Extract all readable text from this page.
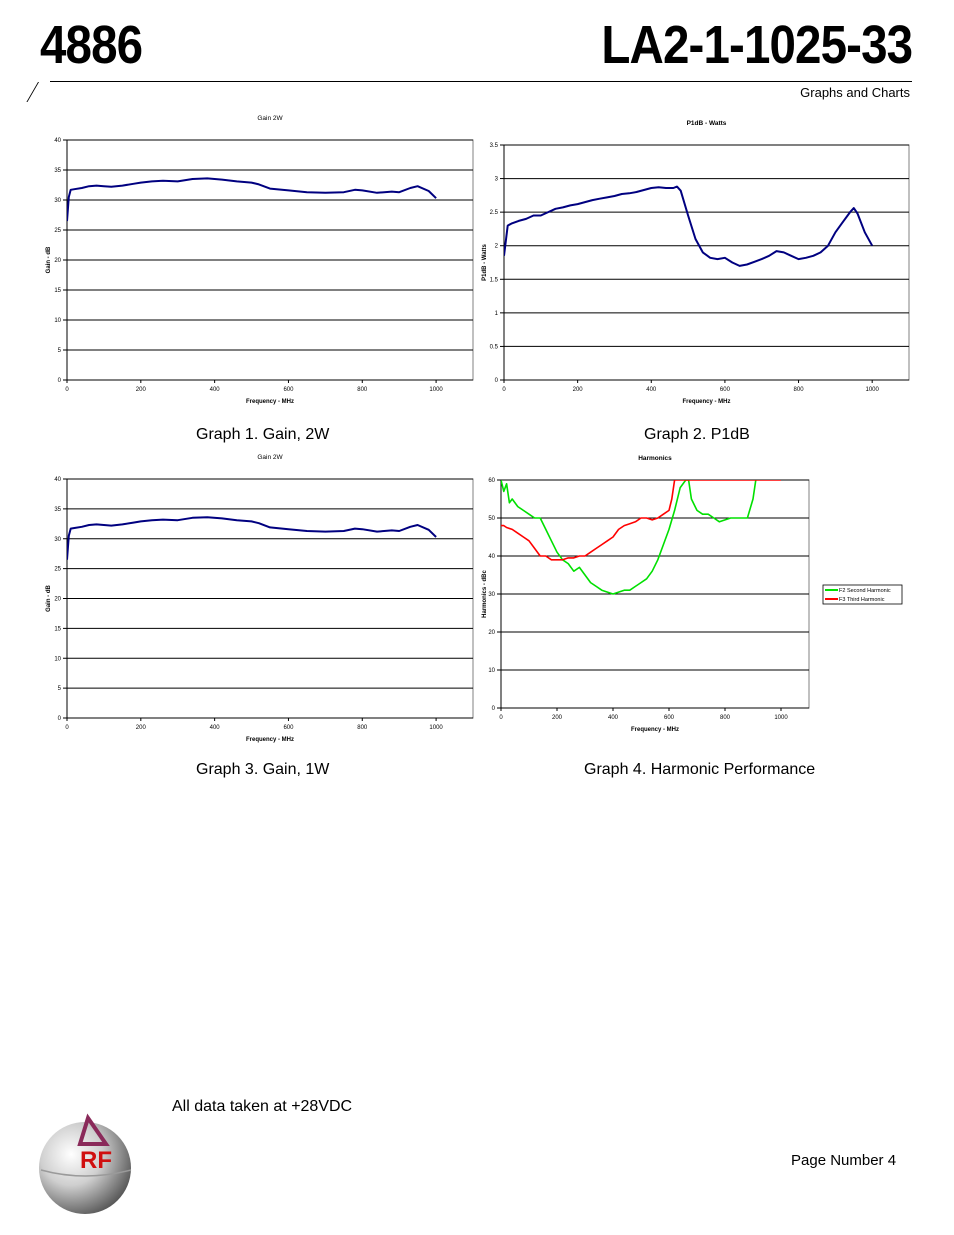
4886	LA2-1-1025-33
Graphs and Charts
0
5
10
15
20
25
30
35
40
0	200	400	600	800	1000
Gain 2W
Frequency - MHz
Gain - dB
0
0.5
1
1.5
2
2.5
3
3.5
0	200	400	600	800	1000
P1dB - Watts
Frequency - MHz
P1dB - Watts
0
5
10
15
20
25
30
35
40
0	200	400	600	800	1000
Gain 2W
Frequency - MHz
Gain - dB
0
10
20
30
40
50
60
0	200	400	600	800	1000
Harmonics
Frequency - MHz
Harmonics - dBc	F2 Second Harmonic
F3 Third Harmonic
Graph 1. Gain, 2W	Graph 2. P1dB
Graph 3. Gain, 1W	Graph 4. Harmonic Performance
All data taken at +28VDC
Page Number 4
RF
